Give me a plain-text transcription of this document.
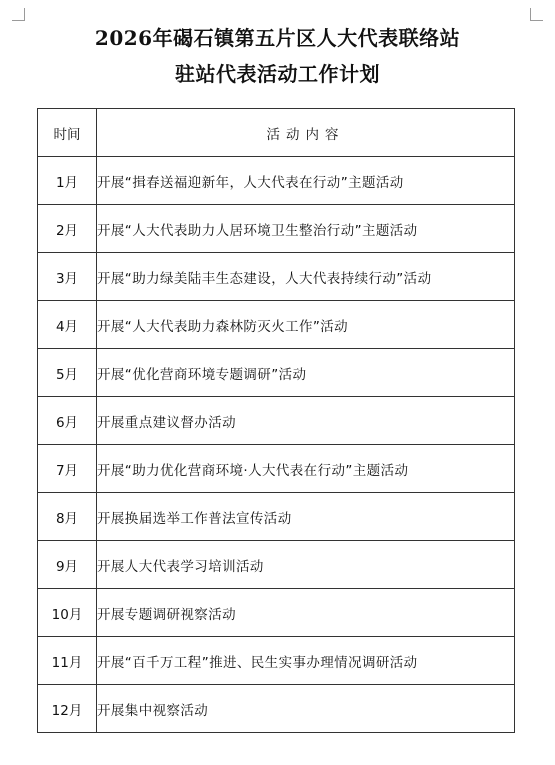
2026年碣石镇第五片区人大代表联络站
驻站代表活动工作计划
时间	活动内容
1月	开展“揖春送福迎新年，人大代表在行动”主题活动
2月	开展“人大代表助力人居环境卫生整治行动”主题活动
3月	开展“助力绿美陆丰生态建设，人大代表持续行动”活动
4月	开展“人大代表助力森林防灭火工作”活动
5月	开展“优化营商环境专题调研”活动
6月	开展重点建议督办活动
7月	开展“助力优化营商环境·人大代表在行动”主题活动
8月	开展换届选举工作普法宣传活动
9月	开展人大代表学习培训活动
10月	开展专题调研视察活动
11月	开展“百千万工程”推进、民生实事办理情况调研活动
12月	开展集中视察活动
